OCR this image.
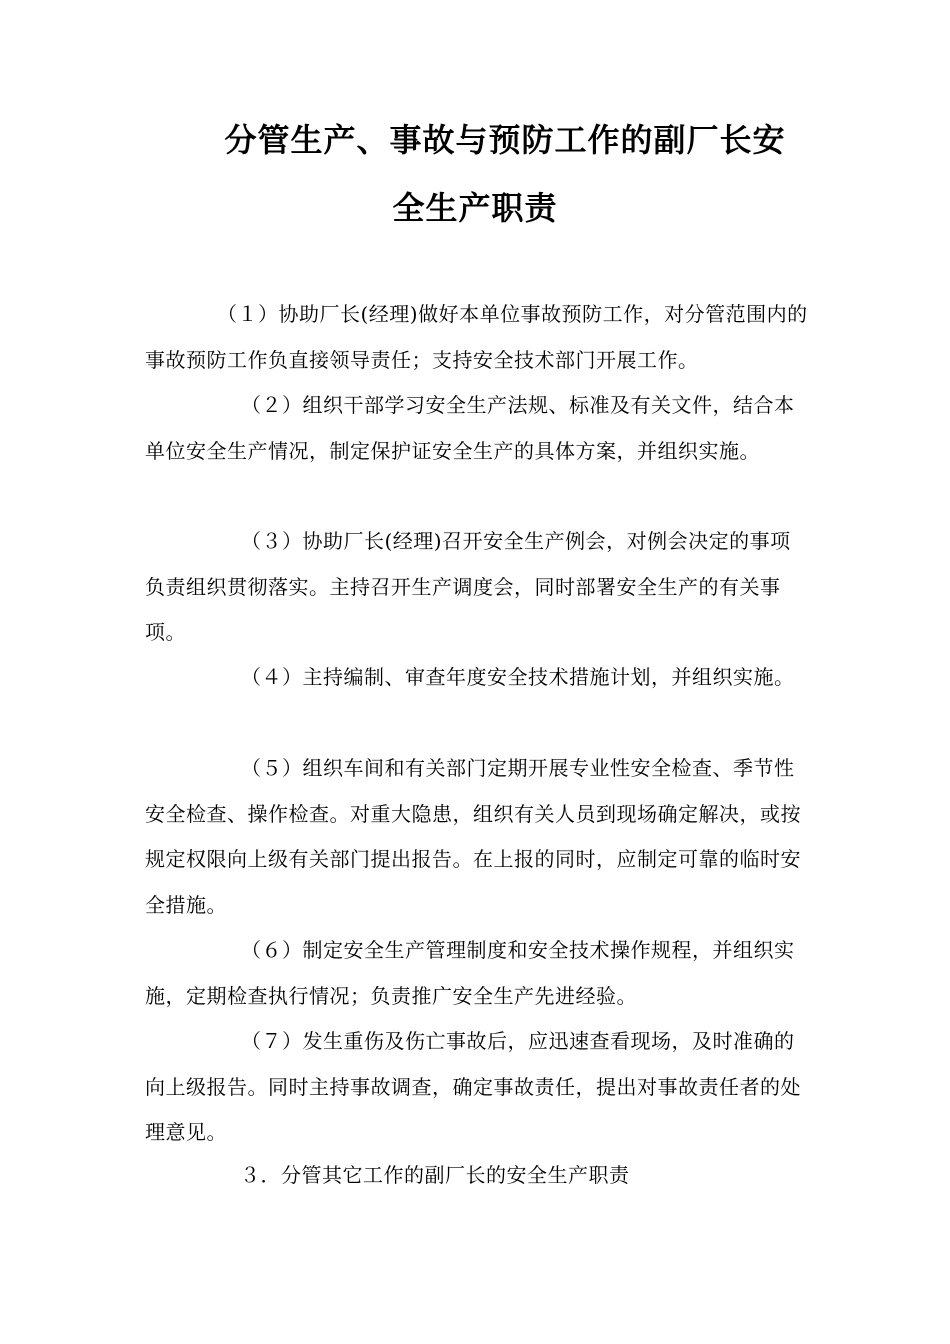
分管生产、事故与预防工作的副厂长安
全生产职责
（１）协助厂长(经理)做好本单位事故预防工作，对分管范围内的事故预防工作负直接领导责任；支持安全技术部门开展工作。
（２）组织干部学习安全生产法规、标准及有关文件，结合本单位安全生产情况，制定保护证安全生产的具体方案，并组织实施。
（３）协助厂长(经理)召开安全生产例会，对例会决定的事项负责组织贯彻落实。主持召开生产调度会，同时部署安全生产的有关事项。
（４）主持编制、审查年度安全技术措施计划，并组织实施。
（５）组织车间和有关部门定期开展专业性安全检查、季节性安全检查、操作检查。对重大隐患，组织有关人员到现场确定解决，或按规定权限向上级有关部门提出报告。在上报的同时，应制定可靠的临时安全措施。
（６）制定安全生产管理制度和安全技术操作规程，并组织实施，定期检查执行情况；负责推广安全生产先进经验。
（７）发生重伤及伤亡事故后，应迅速查看现场，及时准确的向上级报告。同时主持事故调查，确定事故责任，提出对事故责任者的处理意见。
３．分管其它工作的副厂长的安全生产职责
